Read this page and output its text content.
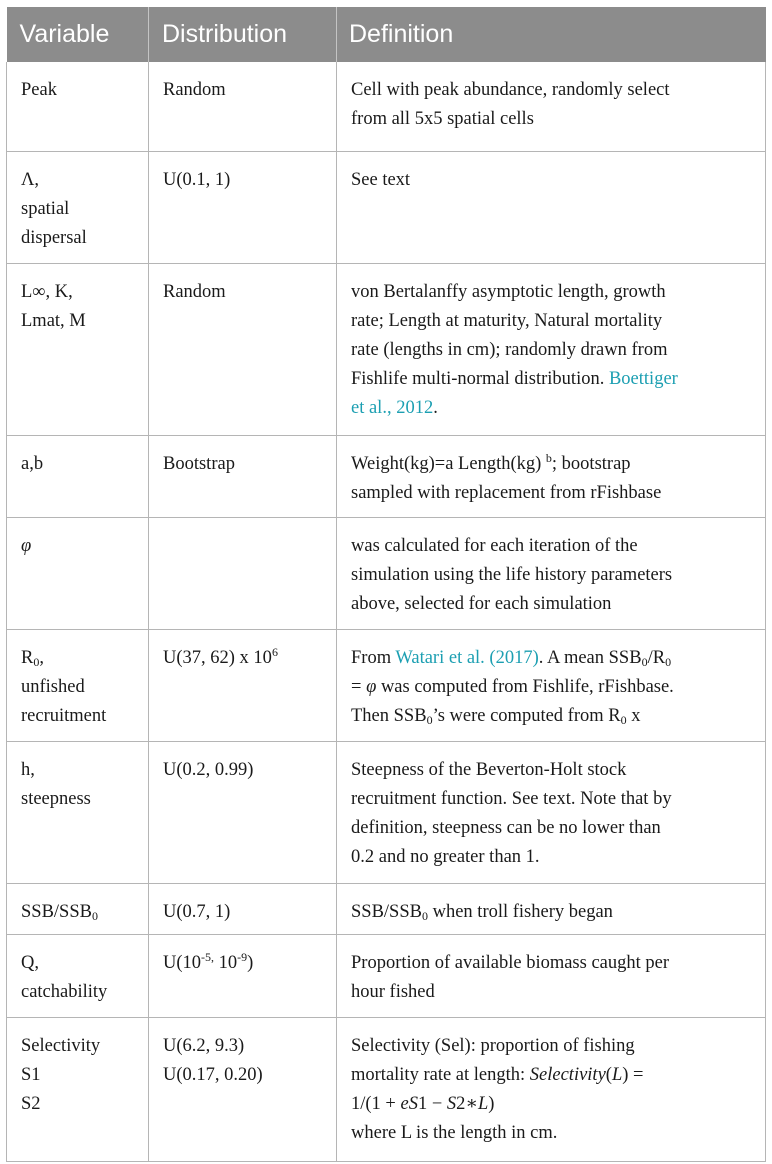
Variable	Distribution	Definition

Peak	Random	Cell with peak abundance, randomly select
from all 5x5 spatial cells

Λ,
spatial
dispersal	U(0.1, 1)	See text

L∞, K,
Lmat, M	Random	von Bertalanffy asymptotic length, growth
rate; Length at maturity, Natural mortality
rate (lengths in cm); randomly drawn from
Fishlife multi-normal distribution. Boettiger
et al., 2012.

a,b	Bootstrap	Weight(kg)=a Length(kg) $^b$; bootstrap
sampled with replacement from rFishbase

φ		was calculated for each iteration of the
simulation using the life history parameters
above, selected for each simulation

$R_0$,
unfished
recruitment	U(37, 62) x $10^6$	From Watari et al. (2017). A mean $SSB_0/R_0$
= φ was computed from Fishlife, rFishbase.
Then $SSB_0’s$ were computed from $R_0$ x

h,
steepness	U(0.2, 0.99)	Steepness of the Beverton-Holt stock
recruitment function. See text. Note that by
definition, steepness can be no lower than
0.2 and no greater than 1.

SSB/$SSB_0$	U(0.7, 1)	SSB/$SSB_0$ when troll fishery began

Q,
catchability	$U(10^{-5,}$ $10^{-9}$)	Proportion of available biomass caught per
hour fished

Selectivity
S1
S2	U(6.2, 9.3)
U(0.17, 0.20)	Selectivity (Sel): proportion of fishing
mortality rate at length: Selectivity(L) =
1/(1 + eS1 − S2∗L)
where L is the length in cm.
